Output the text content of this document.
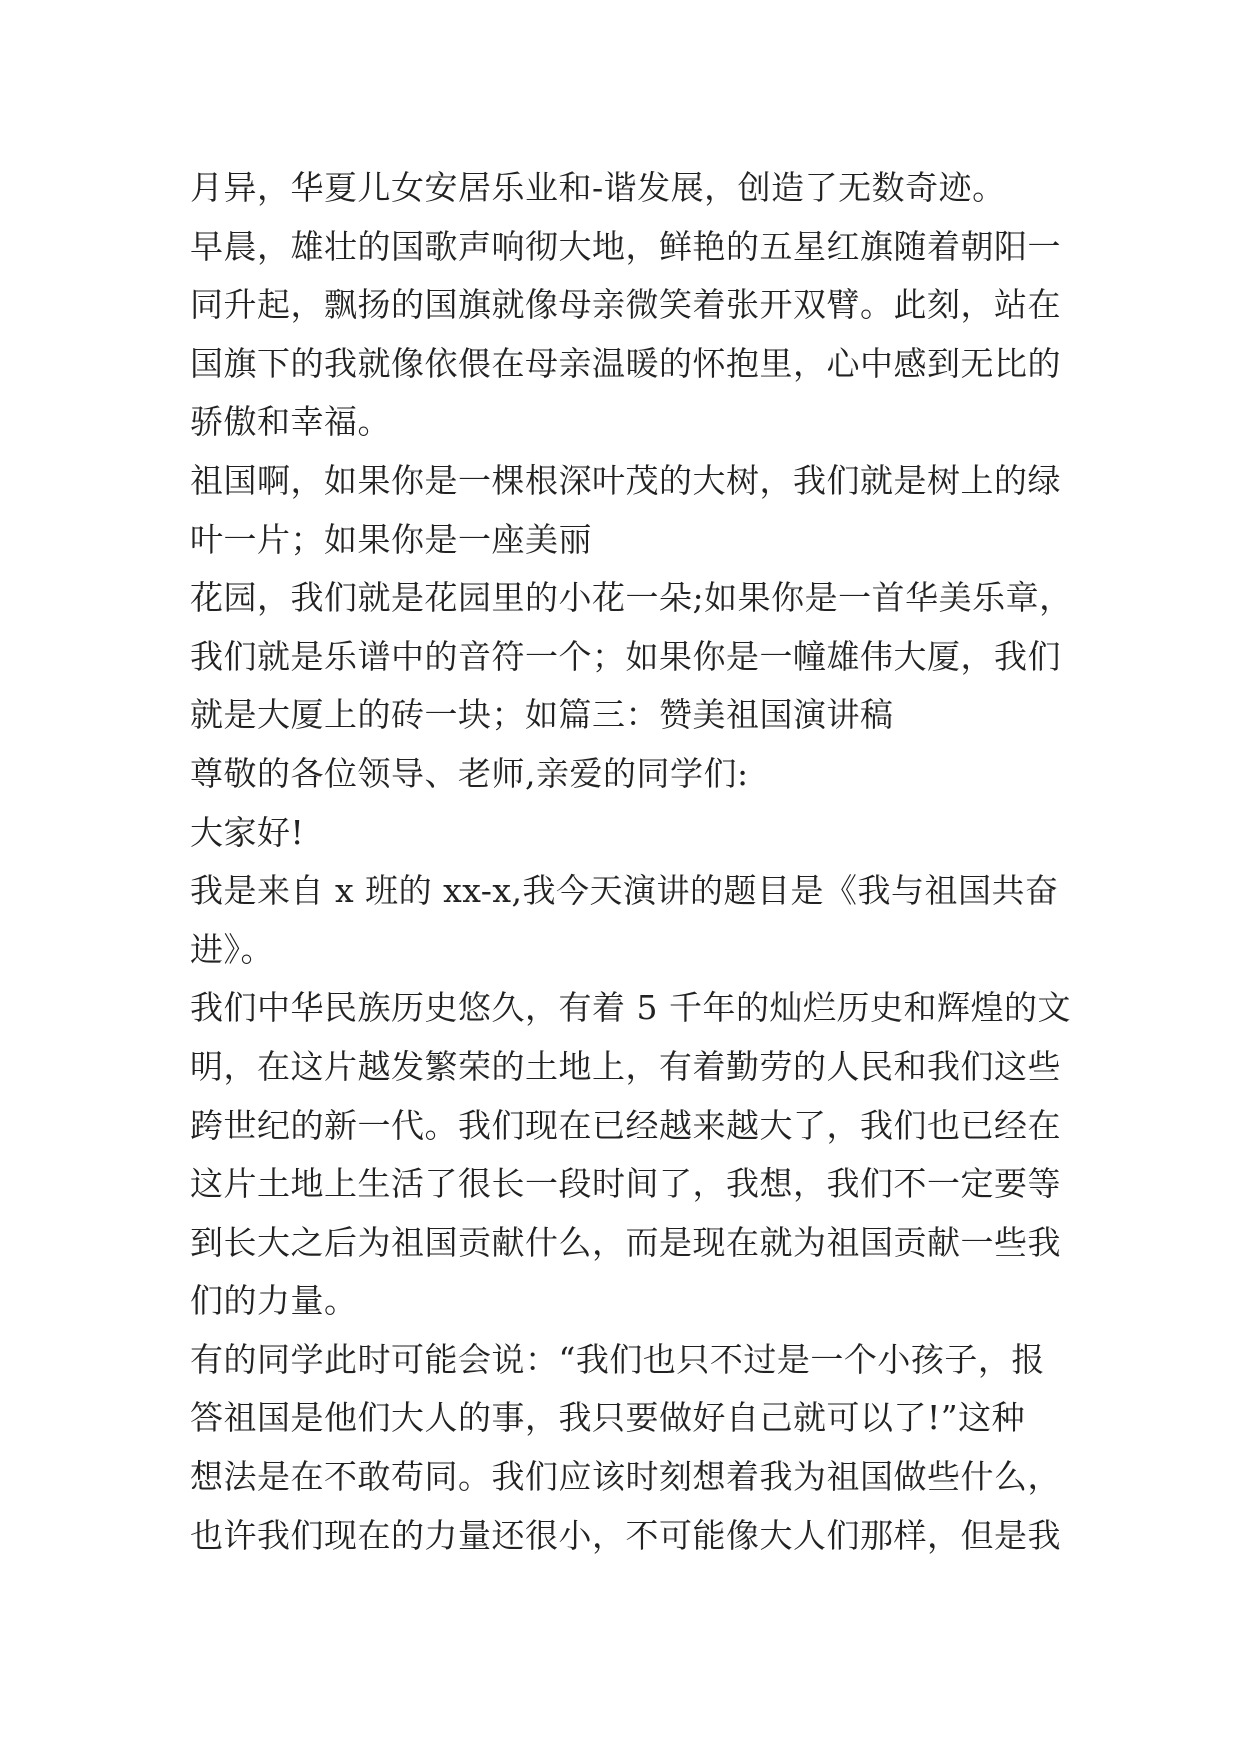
月异，华夏儿女安居乐业和-谐发展，创造了无数奇迹。
早晨，雄壮的国歌声响彻大地，鲜艳的五星红旗随着朝阳一
同升起，飘扬的国旗就像母亲微笑着张开双臂。此刻，站在
国旗下的我就像依偎在母亲温暖的怀抱里，心中感到无比的
骄傲和幸福。
祖国啊，如果你是一棵根深叶茂的大树，我们就是树上的绿
叶一片；如果你是一座美丽
花园，我们就是花园里的小花一朵;如果你是一首华美乐章，
我们就是乐谱中的音符一个；如果你是一幢雄伟大厦，我们
就是大厦上的砖一块；如篇三：赞美祖国演讲稿
尊敬的各位领导、老师,亲爱的同学们:
大家好!
我是来自 x 班的 xx-x,我今天演讲的题目是《我与祖国共奋
进》。
我们中华民族历史悠久，有着 5 千年的灿烂历史和辉煌的文
明，在这片越发繁荣的土地上，有着勤劳的人民和我们这些
跨世纪的新一代。我们现在已经越来越大了，我们也已经在
这片土地上生活了很长一段时间了，我想，我们不一定要等
到长大之后为祖国贡献什么，而是现在就为祖国贡献一些我
们的力量。
有的同学此时可能会说：“我们也只不过是一个小孩子，报
答祖国是他们大人的事，我只要做好自己就可以了!”这种
想法是在不敢苟同。我们应该时刻想着我为祖国做些什么，
也许我们现在的力量还很小，不可能像大人们那样，但是我
